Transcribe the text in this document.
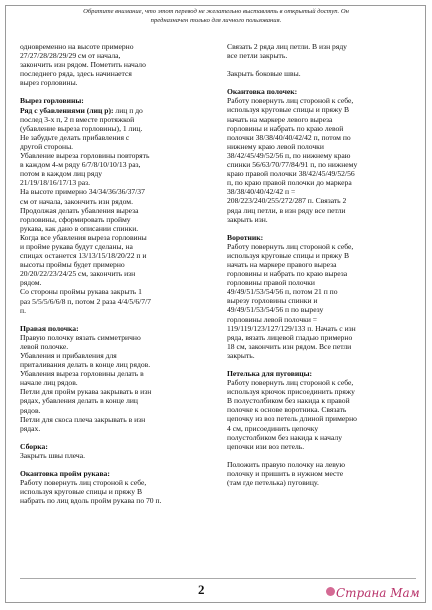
Обратите внимание, что этот перевод не желательно выставлять в открытый доступ. Он
предназначен только для личного пользования.

одновременно на высоте примерно

27/27/28/28/29/29 см от начала,

закончить изн рядом. Пометить начало

последнего ряда, здесь начинается

вырез горловины.

Вырез горловины:

Ряд с убавлениями (лиц р): лиц п до

послед 3-х п, 2 п вместе протяжкой

(убавление выреза горловины), 1 лиц.

Не забудьте делать прибавления с

другой стороны.

Убавление выреза горловины повторять

в каждом 4-м ряду 6/7/8/10/10/13 раз,

потом в каждом лиц ряду

21/19/18/16/17/13 раз.

На высоте примерно 34/34/36/36/37/37

см от начала, закончить изн рядом.

Продолжая делать убавления выреза

горловины, сформировать пройму

рукава, как дано в описании спинки.

Когда все убавления выреза горловины

и пройме рукава будут сделаны, на

спицах останется 13/13/15/18/20/22 п и

высоты проймы будет примерно

20/20/22/23/24/25 см, закончить изн

рядом.

Со стороны проймы рукава закрыть 1

раз 5/5/5/6/6/8 п, потом 2 раза 4/4/5/6/7/7

п.

Правая полочка:

Правую полочку вязать симметрично

левой полочке.

Убавления и прибавления для

приталивания делать в конце лиц рядов.

Убавления выреза горловины делать в

начале лиц рядов.

Петли для пройм рукава закрывать в изн

рядах, убавления делать в конце лиц

рядов.

Петли для скоса плеча закрывать в изн

рядах.

Сборка:

Закрыть швы плеча.

Окантовка пройм рукава:

Работу повернуть лиц стороной к себе,

используя круговые спицы и пряжу В

набрать по лиц вдоль пройм рукава по 70 п.

Связать 2 ряда лиц петли. В изн ряду

все петли закрыть.

Закрыть боковые швы.

Окантовка полочек:

Работу повернуть лиц стороной к себе,

используя круговые спицы и пряжу В

начать на маркере левого выреза

горловины и набрать по краю левой

полочки 38/38/40/40/42/42 п, потом по

нижнему краю левой полочки

38/42/45/49/52/56 п, по нижнему краю

спинки 56/63/70/77/84/91 п, по нижнему

краю правой полочки 38/42/45/49/52/56

п, по краю правой полочки до маркера

38/38/40/40/42/42 п =

208/223/240/255/272/287 п. Связать 2

ряда лиц петли, в изн ряду все петли

закрыть изн.

Воротник:

Работу повернуть лиц стороной к себе,

используя круговые спицы и пряжу В

начать на маркере правого выреза

горловины и набрать по краю выреза

горловины правой полочки

49/49/51/53/54/56 п, потом 21 п по

вырезу горловины спинки и

49/49/51/53/54/56 п по вырезу

горловины левой полочки =

119/119/123/127/129/133 п. Начать с изн

ряда, вязать лицевой гладью примерно

18 см, закончить изн рядом. Все петли

закрыть.

Петелька для пуговицы:

Работу повернуть лиц стороной к себе,

используя крючок присоединить пряжу

В полустолбиком без накида к правой

полочке к основе воротника. Связать

цепочку из воз петель длиной примерно

4 см, присоединить цепочку

полустолбиком без накида к началу

цепочки изи воз петель.

Положить правую полочку на левую

полочку и пришить в нужном месте

(там где петелька) пуговицу.

2	Страна Мам
